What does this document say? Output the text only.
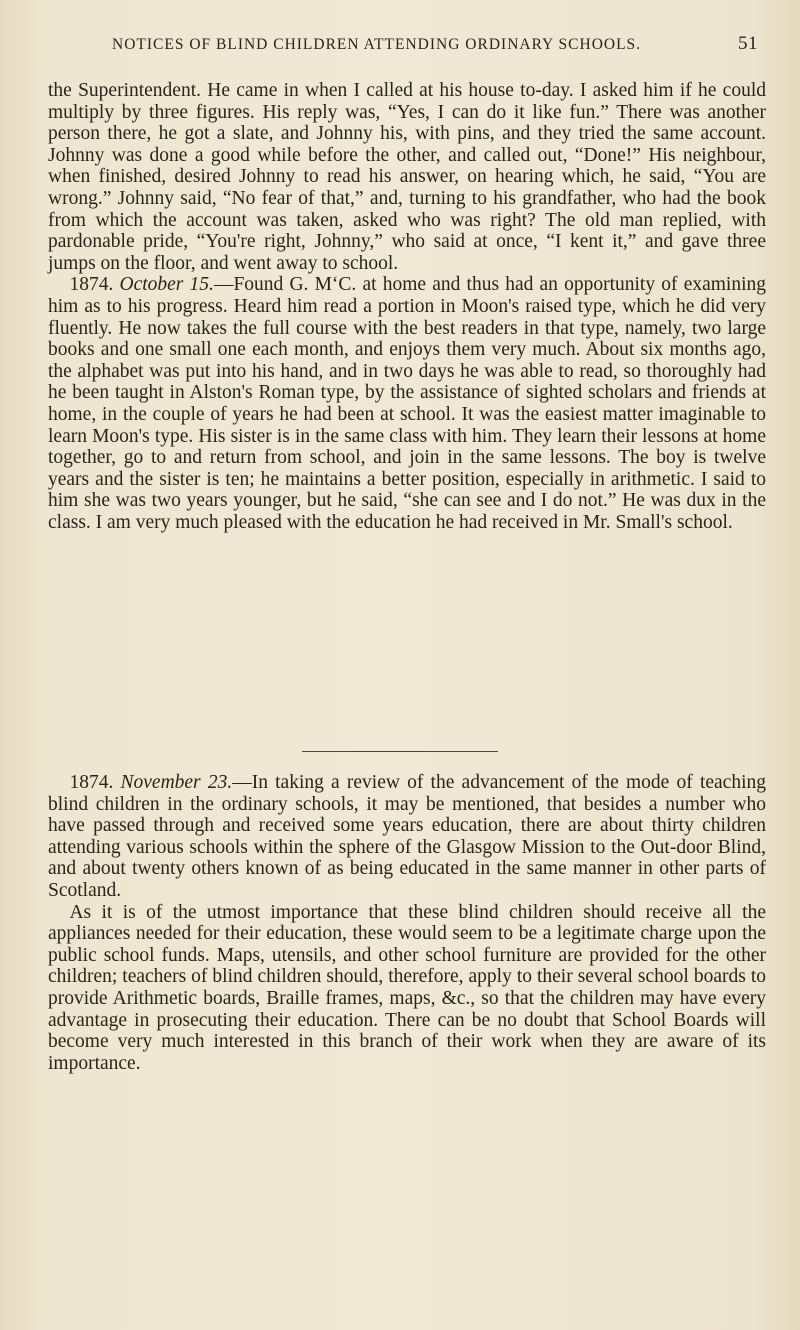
NOTICES OF BLIND CHILDREN ATTENDING ORDINARY SCHOOLS.	51

the Superintendent. He came in when I called at his house to-day. I asked him if he could multiply by three figures. His reply was, “Yes, I can do it like fun.” There was another person there, he got a slate, and Johnny his, with pins, and they tried the same account. Johnny was done a good while before the other, and called out, “Done!” His neighbour, when finished, desired Johnny to read his answer, on hearing which, he said, “You are wrong.” Johnny said, “No fear of that,” and, turning to his grandfather, who had the book from which the account was taken, asked who was right? The old man replied, with pardonable pride, “You're right, Johnny,” who said at once, “I kent it,” and gave three jumps on the floor, and went away to school.

1874. October 15.—Found G. M‘C. at home and thus had an opportunity of examining him as to his progress. Heard him read a portion in Moon's raised type, which he did very fluently. He now takes the full course with the best readers in that type, namely, two large books and one small one each month, and enjoys them very much. About six months ago, the alphabet was put into his hand, and in two days he was able to read, so thoroughly had he been taught in Alston's Roman type, by the assistance of sighted scholars and friends at home, in the couple of years he had been at school. It was the easiest matter imaginable to learn Moon's type. His sister is in the same class with him. They learn their lessons at home together, go to and return from school, and join in the same lessons. The boy is twelve years and the sister is ten; he maintains a better position, especially in arithmetic. I said to him she was two years younger, but he said, “she can see and I do not.” He was dux in the class. I am very much pleased with the education he had received in Mr. Small's school.

1874. November 23.—In taking a review of the advancement of the mode of teaching blind children in the ordinary schools, it may be mentioned, that besides a number who have passed through and received some years education, there are about thirty children attending various schools within the sphere of the Glasgow Mission to the Out-door Blind, and about twenty others known of as being educated in the same manner in other parts of Scotland.

As it is of the utmost importance that these blind children should receive all the appliances needed for their education, these would seem to be a legitimate charge upon the public school funds. Maps, utensils, and other school furniture are provided for the other children; teachers of blind children should, therefore, apply to their several school boards to provide Arithmetic boards, Braille frames, maps, &c., so that the children may have every advantage in prosecuting their education. There can be no doubt that School Boards will become very much interested in this branch of their work when they are aware of its importance.
